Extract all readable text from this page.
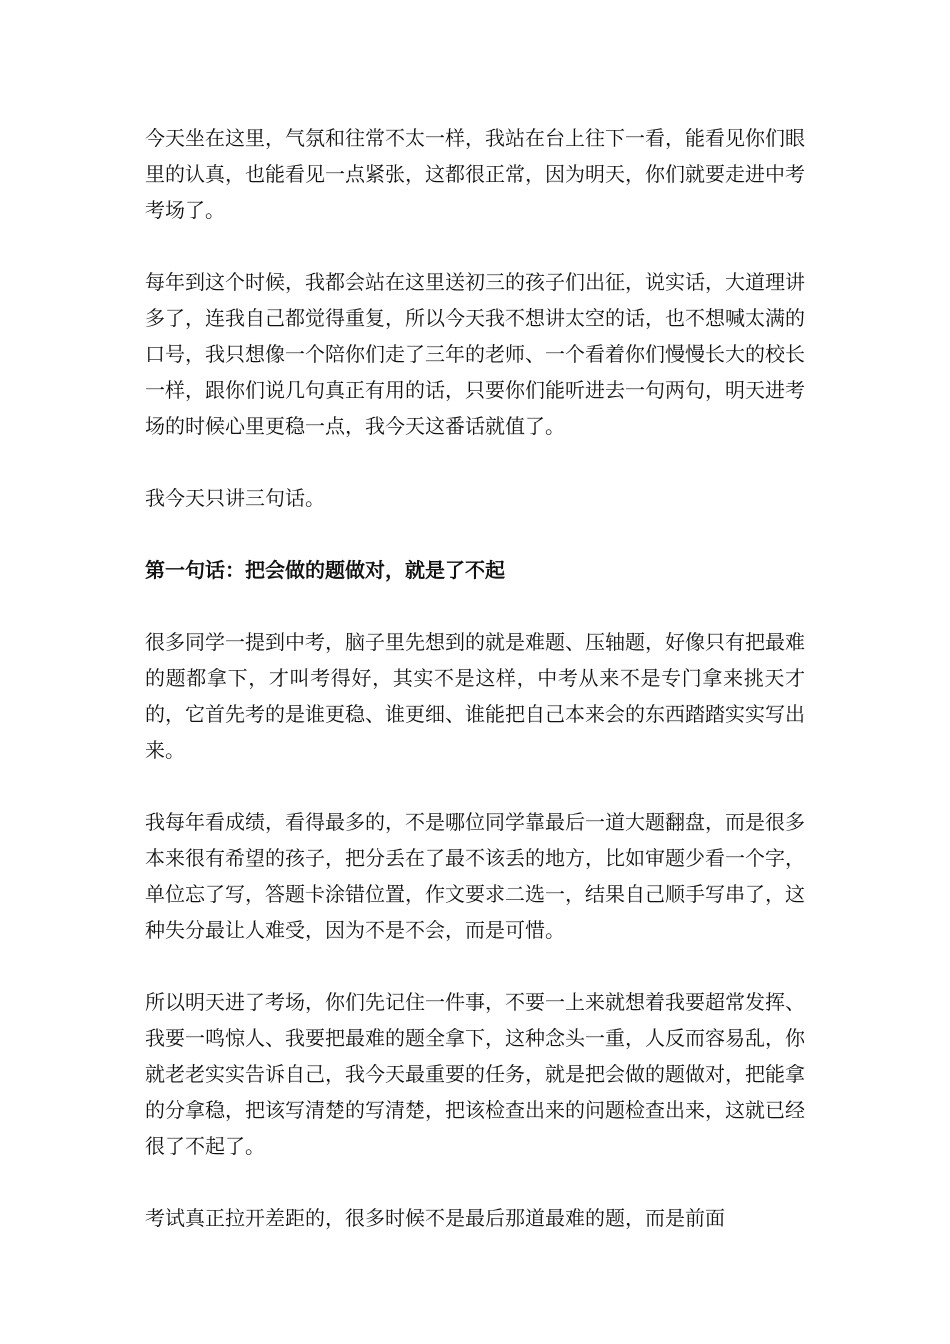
今天坐在这里，气氛和往常不太一样，我站在台上往下一看，能看见你们眼里的认真，也能看见一点紧张，这都很正常，因为明天，你们就要走进中考考场了。

每年到这个时候，我都会站在这里送初三的孩子们出征，说实话，大道理讲多了，连我自己都觉得重复，所以今天我不想讲太空的话，也不想喊太满的口号，我只想像一个陪你们走了三年的老师、一个看着你们慢慢长大的校长一样，跟你们说几句真正有用的话，只要你们能听进去一句两句，明天进考场的时候心里更稳一点，我今天这番话就值了。

我今天只讲三句话。

第一句话：把会做的题做对，就是了不起

很多同学一提到中考，脑子里先想到的就是难题、压轴题，好像只有把最难的题都拿下，才叫考得好，其实不是这样，中考从来不是专门拿来挑天才的，它首先考的是谁更稳、谁更细、谁能把自己本来会的东西踏踏实实写出来。

我每年看成绩，看得最多的，不是哪位同学靠最后一道大题翻盘，而是很多本来很有希望的孩子，把分丢在了最不该丢的地方，比如审题少看一个字，单位忘了写，答题卡涂错位置，作文要求二选一，结果自己顺手写串了，这种失分最让人难受，因为不是不会，而是可惜。

所以明天进了考场，你们先记住一件事，不要一上来就想着我要超常发挥、我要一鸣惊人、我要把最难的题全拿下，这种念头一重，人反而容易乱，你就老老实实告诉自己，我今天最重要的任务，就是把会做的题做对，把能拿的分拿稳，把该写清楚的写清楚，把该检查出来的问题检查出来，这就已经很了不起了。

考试真正拉开差距的，很多时候不是最后那道最难的题，而是前面
